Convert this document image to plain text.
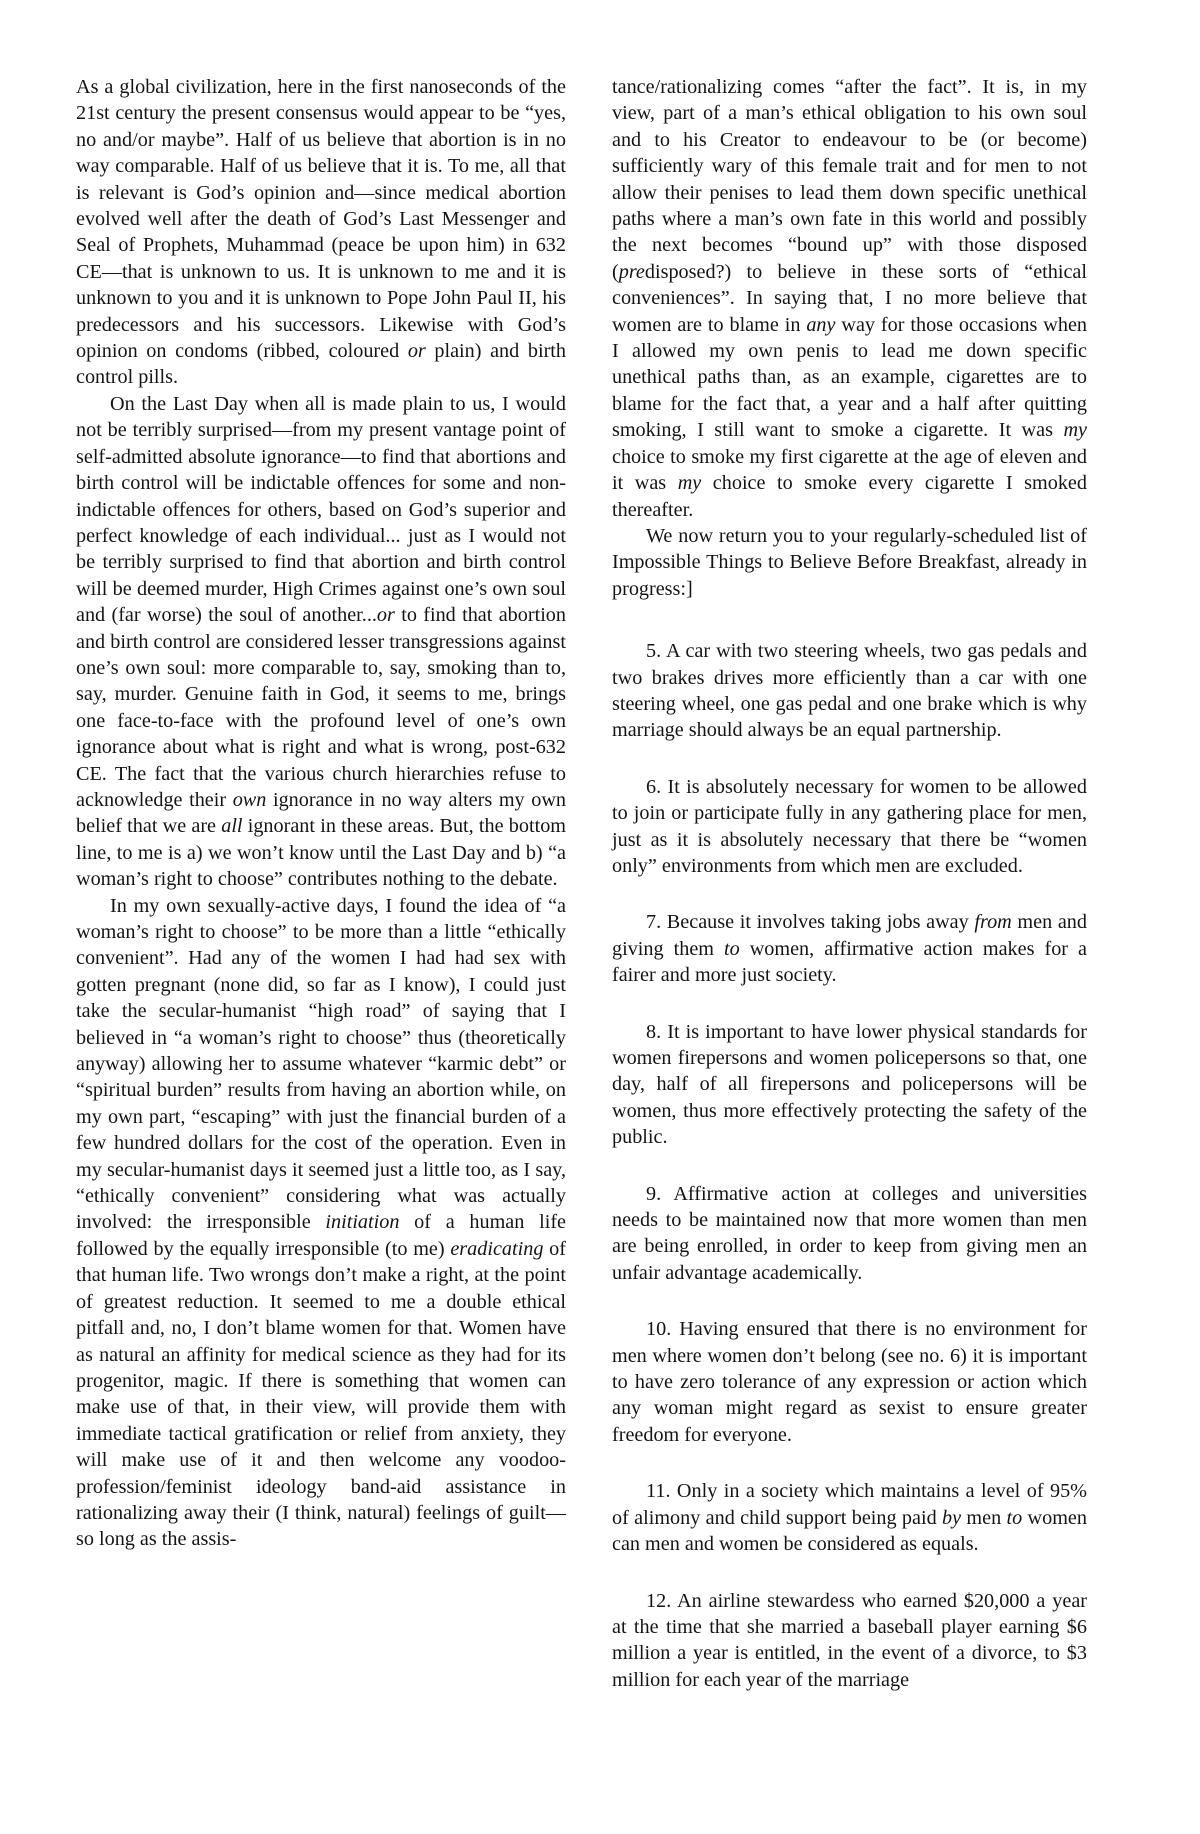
As a global civilization, here in the first nanoseconds of the 21st century the present consensus would appear to be “yes, no and/or maybe”. Half of us believe that abortion is in no way comparable. Half of us believe that it is. To me, all that is relevant is God’s opinion and—since medical abortion evolved well after the death of God’s Last Messenger and Seal of Prophets, Muhammad (peace be upon him) in 632 CE—that is unknown to us. It is unknown to me and it is unknown to you and it is unknown to Pope John Paul II, his predecessors and his successors. Likewise with God’s opinion on condoms (ribbed, coloured or plain) and birth control pills.

On the Last Day when all is made plain to us, I would not be terribly surprised—from my present vantage point of self-admitted absolute ignorance—to find that abortions and birth control will be indictable offences for some and non-indictable offences for others, based on God’s superior and perfect knowledge of each individual... just as I would not be terribly surprised to find that abortion and birth control will be deemed murder, High Crimes against one’s own soul and (far worse) the soul of another...or to find that abortion and birth control are considered lesser transgressions against one’s own soul: more comparable to, say, smoking than to, say, murder. Genuine faith in God, it seems to me, brings one face-to-face with the profound level of one’s own ignorance about what is right and what is wrong, post-632 CE. The fact that the various church hierarchies refuse to acknowledge their own ignorance in no way alters my own belief that we are all ignorant in these areas. But, the bottom line, to me is a) we won’t know until the Last Day and b) “a woman’s right to choose” contributes nothing to the debate.

In my own sexually-active days, I found the idea of “a woman’s right to choose” to be more than a little “ethically convenient”. Had any of the women I had had sex with gotten pregnant (none did, so far as I know), I could just take the secular-humanist “high road” of saying that I believed in “a woman’s right to choose” thus (theoretically anyway) allowing her to assume whatever “karmic debt” or “spiritual burden” results from having an abortion while, on my own part, “escaping” with just the financial burden of a few hundred dollars for the cost of the operation. Even in my secular-humanist days it seemed just a little too, as I say, “ethically convenient” considering what was actually involved: the irresponsible initiation of a human life followed by the equally irresponsible (to me) eradicating of that human life. Two wrongs don’t make a right, at the point of greatest reduction. It seemed to me a double ethical pitfall and, no, I don’t blame women for that. Women have as natural an affinity for medical science as they had for its progenitor, magic. If there is something that women can make use of that, in their view, will provide them with immediate tactical gratification or relief from anxiety, they will make use of it and then welcome any voodoo-profession/feminist ideology band-aid assistance in rationalizing away their (I think, natural) feelings of guilt—so long as the assis-

tance/rationalizing comes “after the fact”. It is, in my view, part of a man’s ethical obligation to his own soul and to his Creator to endeavour to be (or become) sufficiently wary of this female trait and for men to not allow their penises to lead them down specific unethical paths where a man’s own fate in this world and possibly the next becomes “bound up” with those disposed (predisposed?) to believe in these sorts of “ethical conveniences”. In saying that, I no more believe that women are to blame in any way for those occasions when I allowed my own penis to lead me down specific unethical paths than, as an example, cigarettes are to blame for the fact that, a year and a half after quitting smoking, I still want to smoke a cigarette. It was my choice to smoke my first cigarette at the age of eleven and it was my choice to smoke every cigarette I smoked thereafter.

We now return you to your regularly-scheduled list of Impossible Things to Believe Before Breakfast, already in progress:]

5. A car with two steering wheels, two gas pedals and two brakes drives more efficiently than a car with one steering wheel, one gas pedal and one brake which is why marriage should always be an equal partnership.

6. It is absolutely necessary for women to be allowed to join or participate fully in any gathering place for men, just as it is absolutely necessary that there be “women only” environments from which men are excluded.

7. Because it involves taking jobs away from men and giving them to women, affirmative action makes for a fairer and more just society.

8. It is important to have lower physical standards for women firepersons and women policepersons so that, one day, half of all firepersons and policepersons will be women, thus more effectively protecting the safety of the public.

9. Affirmative action at colleges and universities needs to be maintained now that more women than men are being enrolled, in order to keep from giving men an unfair advantage academically.

10. Having ensured that there is no environment for men where women don’t belong (see no. 6) it is important to have zero tolerance of any expression or action which any woman might regard as sexist to ensure greater freedom for everyone.

11. Only in a society which maintains a level of 95% of alimony and child support being paid by men to women can men and women be considered as equals.

12. An airline stewardess who earned $20,000 a year at the time that she married a baseball player earning $6 million a year is entitled, in the event of a divorce, to $3 million for each year of the marriage
